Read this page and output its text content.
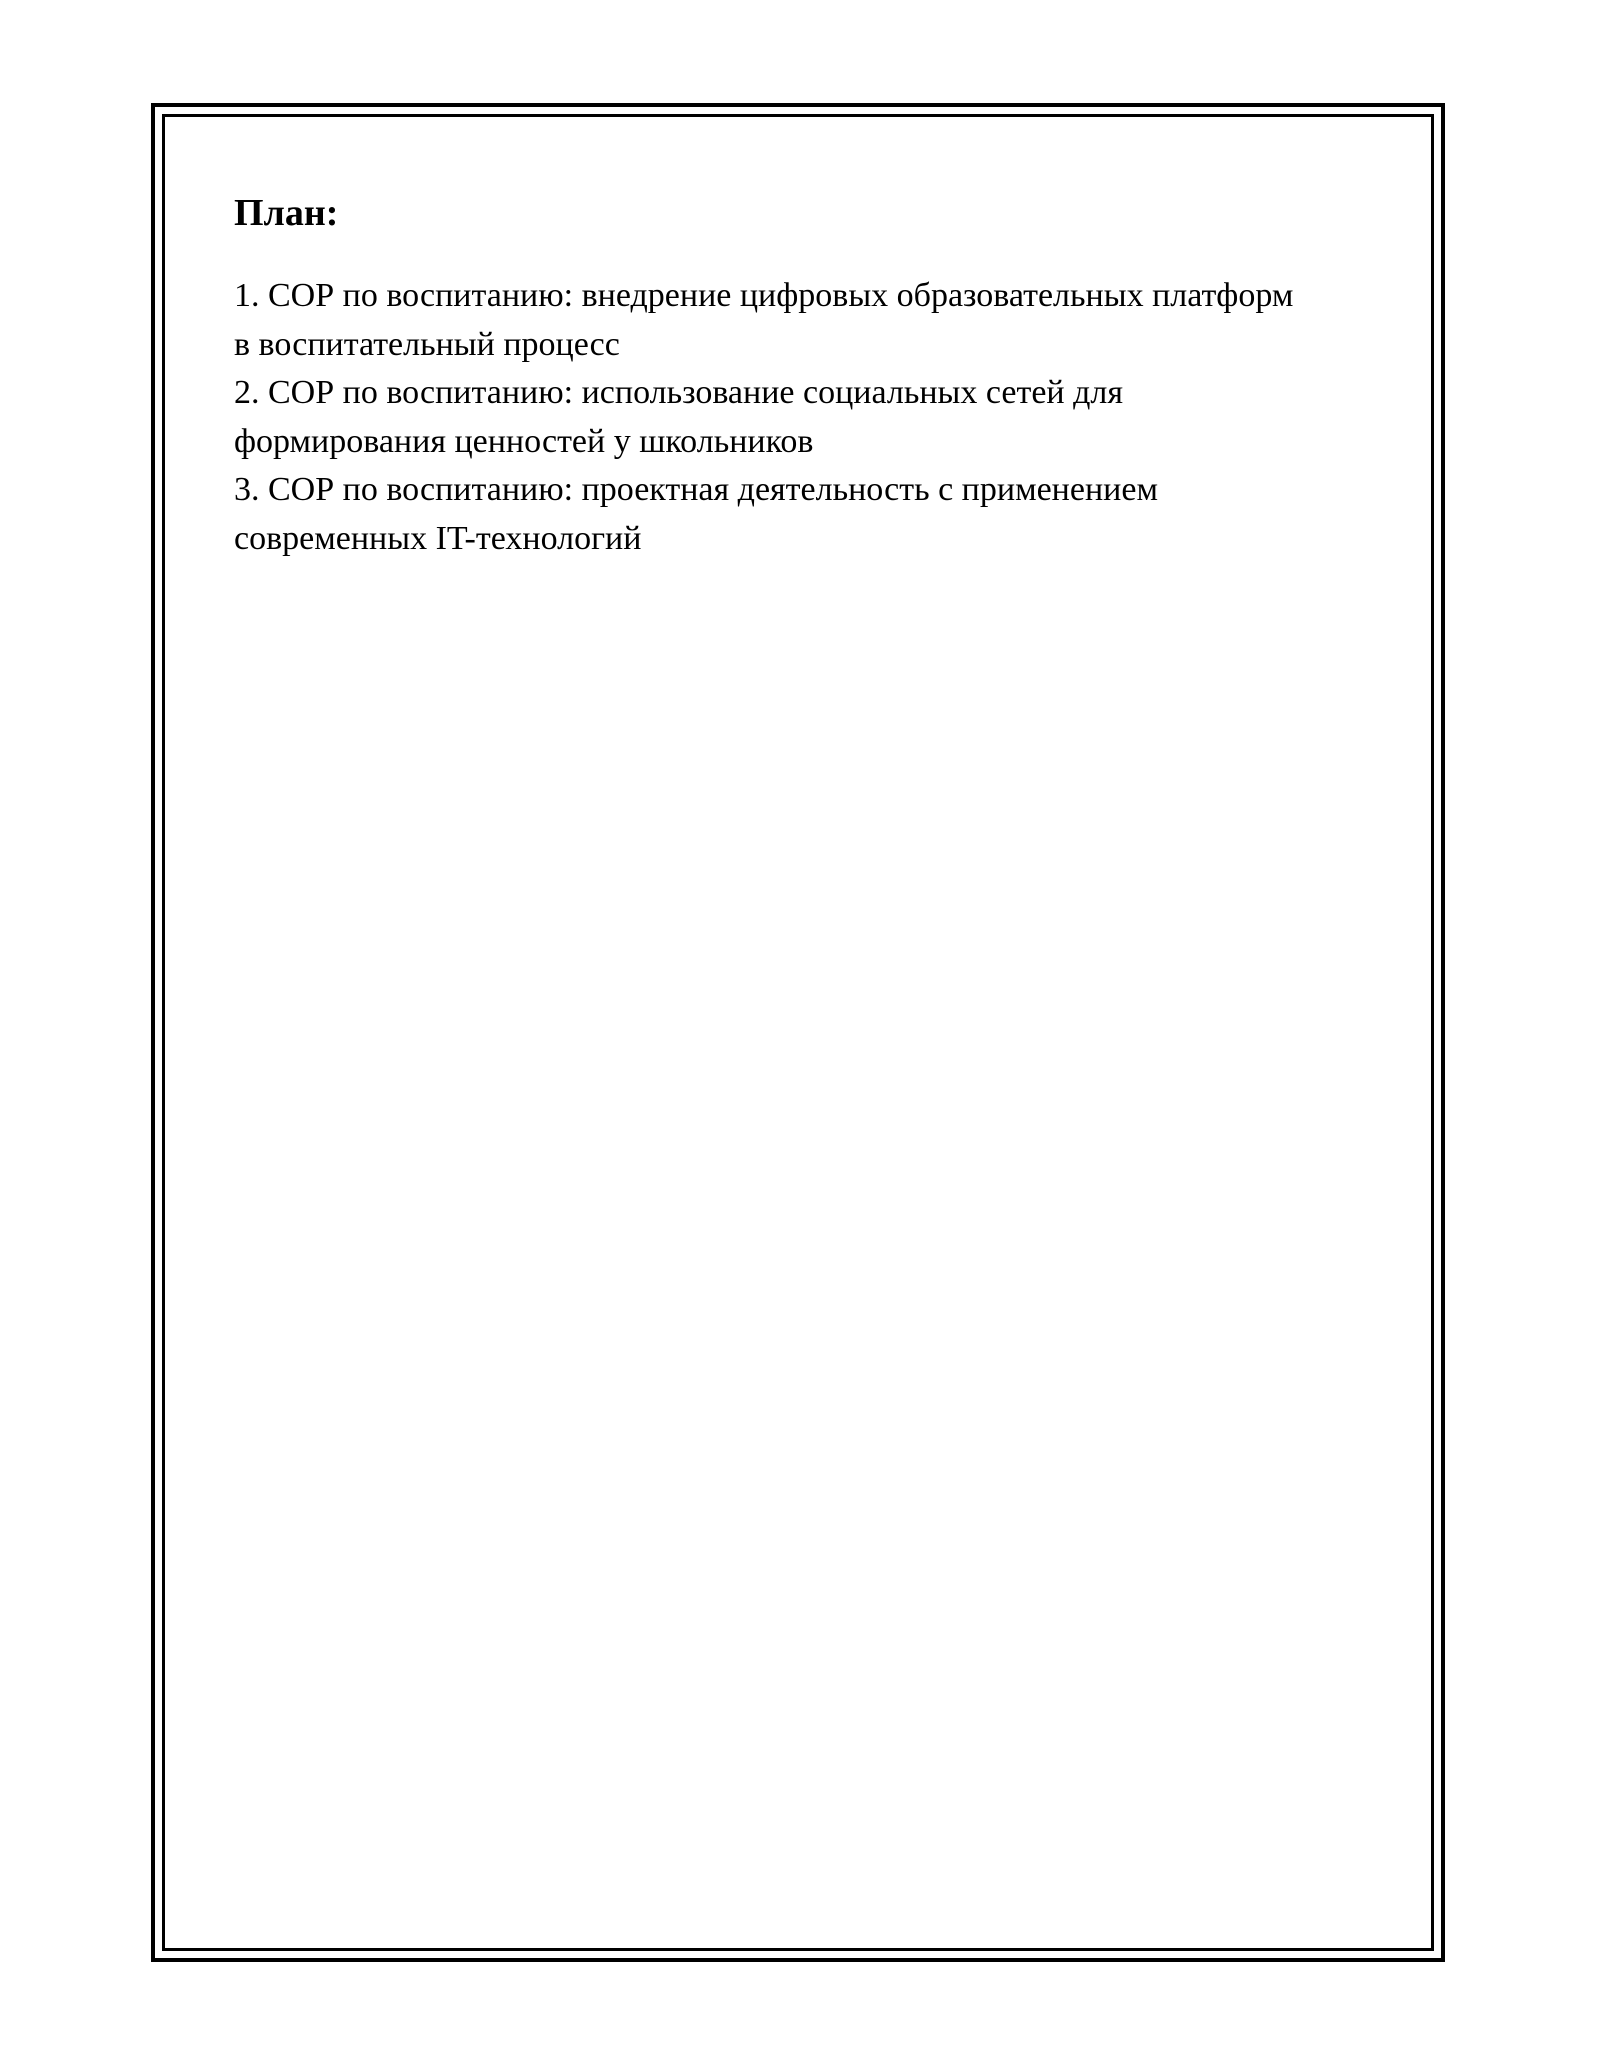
План:

1. СОР по воспитанию: внедрение цифровых образовательных платформ в воспитательный процесс

2. СОР по воспитанию: использование социальных сетей для формирования ценностей у школьников

3. СОР по воспитанию: проектная деятельность с применением современных IT-технологий
